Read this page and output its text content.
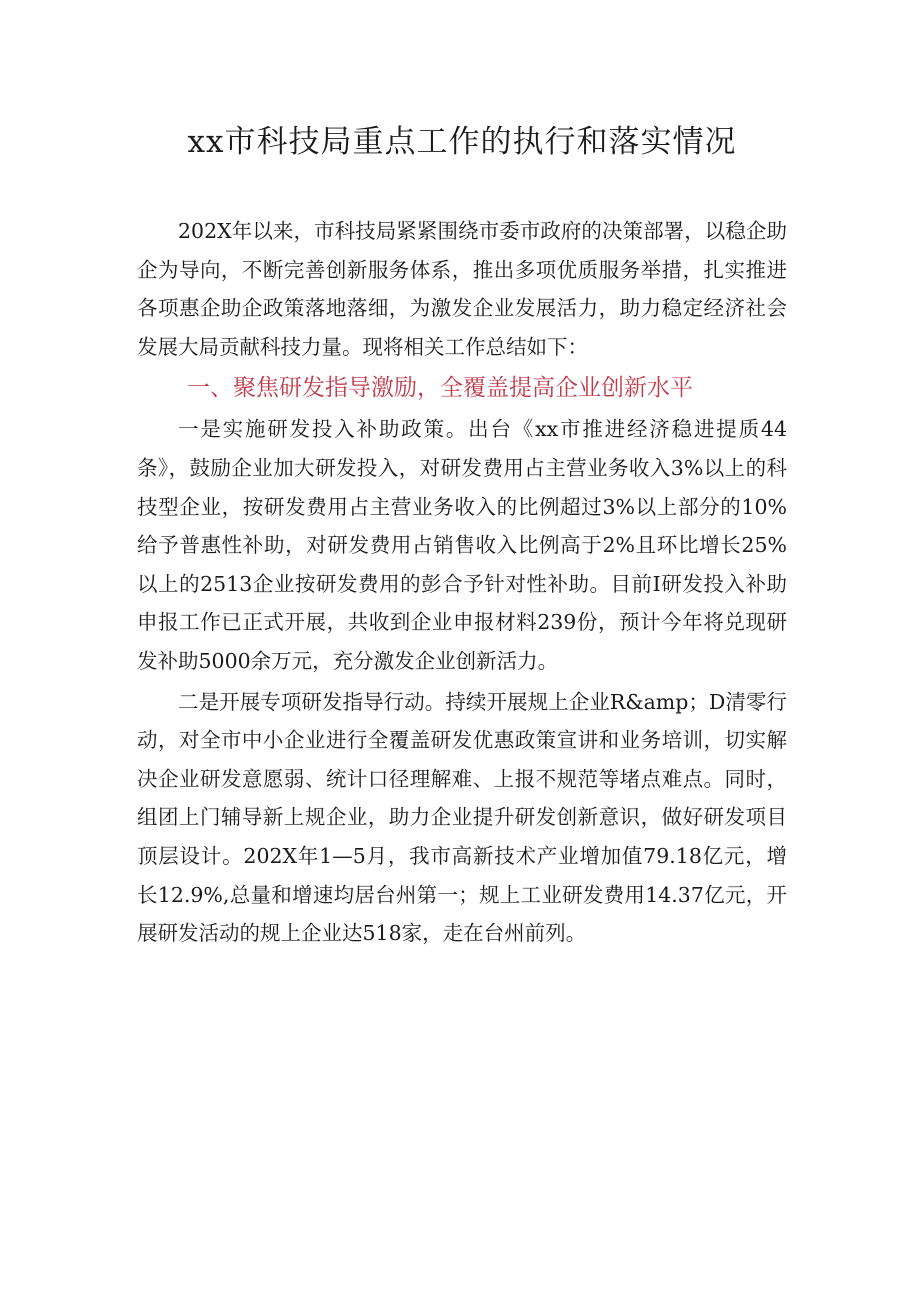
xx市科技局重点工作的执行和落实情况

202X年以来，市科技局紧紧围绕市委市政府的决策部署，以稳企助企为导向，不断完善创新服务体系，推出多项优质服务举措，扎实推进各项惠企助企政策落地落细，为激发企业发展活力，助力稳定经济社会发展大局贡献科技力量。现将相关工作总结如下：

一、聚焦研发指导激励，全覆盖提高企业创新水平

一是实施研发投入补助政策。出台《xx市推进经济稳进提质44条》，鼓励企业加大研发投入，对研发费用占主营业务收入3%以上的科技型企业，按研发费用占主营业务收入的比例超过3%以上部分的10%给予普惠性补助，对研发费用占销售收入比例高于2%且环比增长25%以上的2513企业按研发费用的彭合予针对性补助。目前I研发投入补助申报工作已正式开展，共收到企业申报材料239份，预计今年将兑现研发补助5000余万元，充分激发企业创新活力。

二是开展专项研发指导行动。持续开展规上企业R&amp；D清零行动，对全市中小企业进行全覆盖研发优惠政策宣讲和业务培训，切实解决企业研发意愿弱、统计口径理解难、上报不规范等堵点难点。同时，组团上门辅导新上规企业，助力企业提升研发创新意识，做好研发项目顶层设计。202X年1—5月，我市高新技术产业增加值79.18亿元，增长12.9%,总量和增速均居台州第一；规上工业研发费用14.37亿元，开展研发活动的规上企业达518家，走在台州前列。
